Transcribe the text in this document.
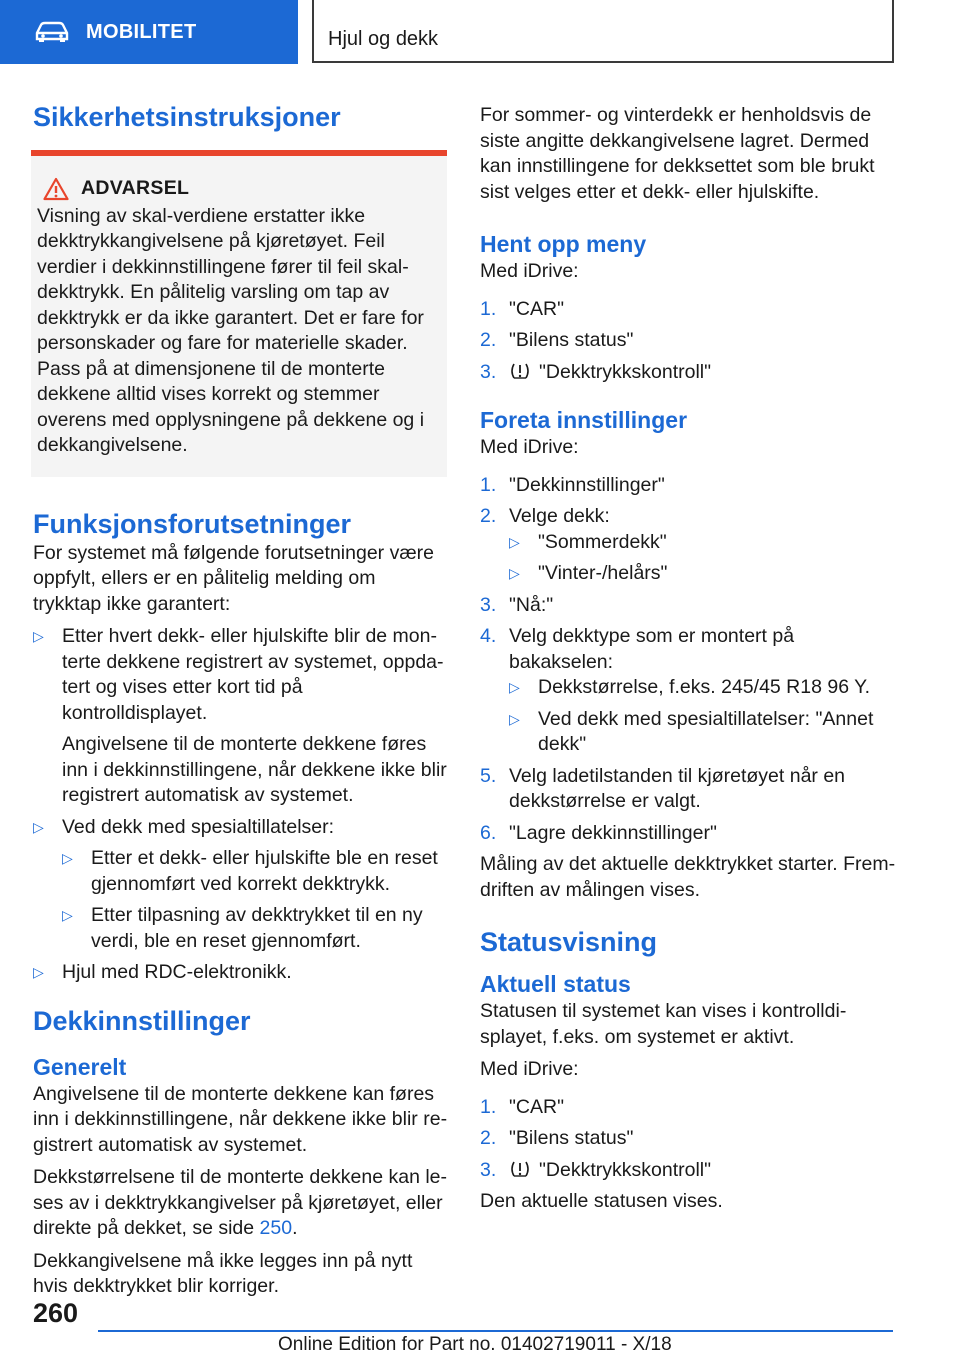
MOBILITET	Hjul og dekk
Sikkerhetsinstruksjoner
ADVARSEL

Visning av skal-verdiene erstatter ikke dekktrykkangivelsene på kjøretøyet. Feil verdier i dekkinnstillingene fører til feil skal-dekktrykk. En pålitelig varsling om tap av dekktrykk er da ikke garantert. Det er fare for personskader og fare for materielle skader. Pass på at dimensjonene til de monterte dekkene alltid vises korrekt og stemmer overens med opplysningene på dekkene og i dekkangivelsene.

Funksjonsforutsetninger

For systemet må følgende forutsetninger være oppfylt, ellers er en pålitelig melding om trykktap ikke garantert:

▷ Etter hvert dekk- eller hjulskifte blir de monterte dekkene registrert av systemet, oppdatert og vises etter kort tid på kontrolldisplayet.
Angivelsene til de monterte dekkene føres inn i dekkinnstillingene, når dekkene ikke blir registrert automatisk av systemet.
▷ Ved dekk med spesialtillatelser:
▷ Etter et dekk- eller hjulskifte ble en reset gjennomført ved korrekt dekktrykk.
▷ Etter tilpasning av dekktrykket til en ny verdi, ble en reset gjennomført.
▷ Hjul med RDC-elektronikk.
Dekkinnstillinger
Generelt

Angivelsene til de monterte dekkene kan føres inn i dekkinnstillingene, når dekkene ikke blir registrert automatisk av systemet.

Dekkstørrelsene til de monterte dekkene kan leses av i dekktrykkangivelser på kjøretøyet, eller direkte på dekket, se side 250.

Dekkangivelsene må ikke legges inn på nytt hvis dekktrykket blir korriger.

For sommer- og vinterdekk er henholdsvis de siste angitte dekkangivelsene lagret. Dermed kan innstillingene for dekksettet som ble brukt sist velges etter et dekk- eller hjulskifte.

Hent opp meny

Med iDrive:

1. "CAR"
2. "Bilens status"
3. "Dekktrykkskontroll"
Foreta innstillinger

Med iDrive:

1. "Dekkinnstillinger"
2. Velge dekk:
▷ "Sommerdekk"
▷ "Vinter-/helårs"
3. "Nå:"
4. Velg dekktype som er montert på bakakselen:
▷ Dekkstørrelse, f.eks. 245/45 R18 96 Y.
▷ Ved dekk med spesialtillatelser: "Annet dekk"
5. Velg ladetilstanden til kjøretøyet når en dekkstørrelse er valgt.
6. "Lagre dekkinnstillinger"

Måling av det aktuelle dekktrykket starter. Fremdriften av målingen vises.

Statusvisning
Aktuell status

Statusen til systemet kan vises i kontrolldisplayet, f.eks. om systemet er aktivt.

Med iDrive:

1. "CAR"
2. "Bilens status"
3. "Dekktrykkskontroll"

Den aktuelle statusen vises.

260
Online Edition for Part no. 01402719011 - X/18
